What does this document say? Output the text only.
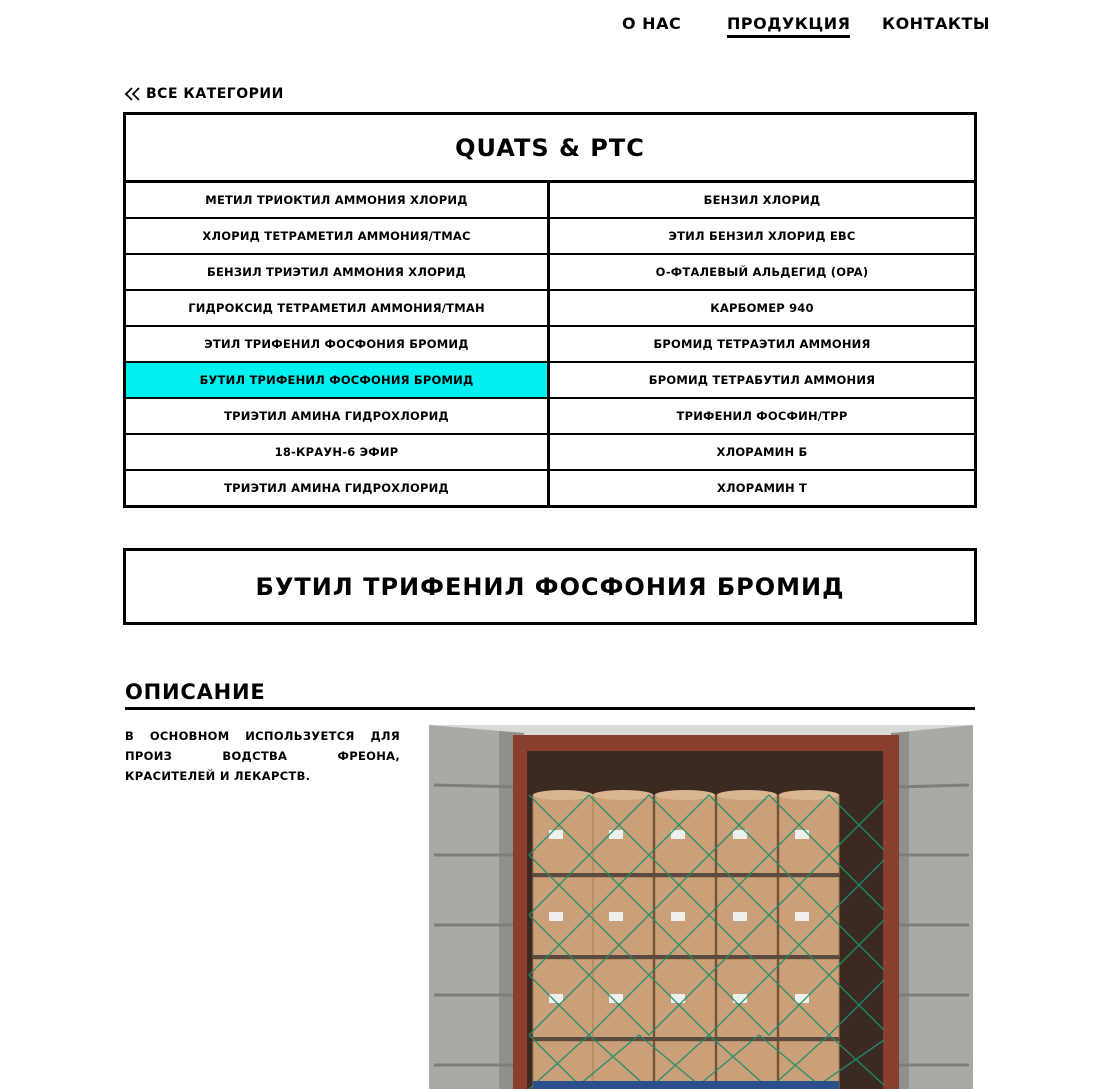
О НАС	ПРОДУКЦИЯ КОНТАКТЫ
ВСЕ КАТЕГОРИИ
QUATS & PTC
МЕТИЛ ТРИОКТИЛ АММОНИЯ ХЛОРИД	БЕНЗИЛ ХЛОРИД
ХЛОРИД ТЕТРАМЕТИЛ АММОНИЯ/TMAC	ЭТИЛ БЕНЗИЛ ХЛОРИД EBC
БЕНЗИЛ ТРИЭТИЛ АММОНИЯ ХЛОРИД	O-ФТАЛЕВЫЙ АЛЬДЕГИД (OPA)
ГИДРОКСИД ТЕТРАМЕТИЛ АММОНИЯ/TMAH	КАРБОМЕР 940
ЭТИЛ ТРИФЕНИЛ ФОСФОНИЯ БРОМИД	БРОМИД ТЕТРАЭТИЛ АММОНИЯ
БУТИЛ ТРИФЕНИЛ ФОСФОНИЯ БРОМИД	БРОМИД ТЕТРАБУТИЛ АММОНИЯ
ТРИЭТИЛ АМИНА ГИДРОХЛОРИД	ТРИФЕНИЛ ФОСФИН/TPP
18-КРАУН-6 ЭФИР	ХЛОРАМИН Б
ТРИЭТИЛ АМИНА ГИДРОХЛОРИД	ХЛОРАМИН Т
БУТИЛ ТРИФЕНИЛ ФОСФОНИЯ БРОМИД
ОПИСАНИЕ
В ОСНОВНОМ ИСПОЛЬЗУЕТСЯ ДЛЯ ПРОИЗ ВОДСТВА ФРЕОНА, КРАСИТЕЛЕЙ И ЛЕКАРСТВ.
